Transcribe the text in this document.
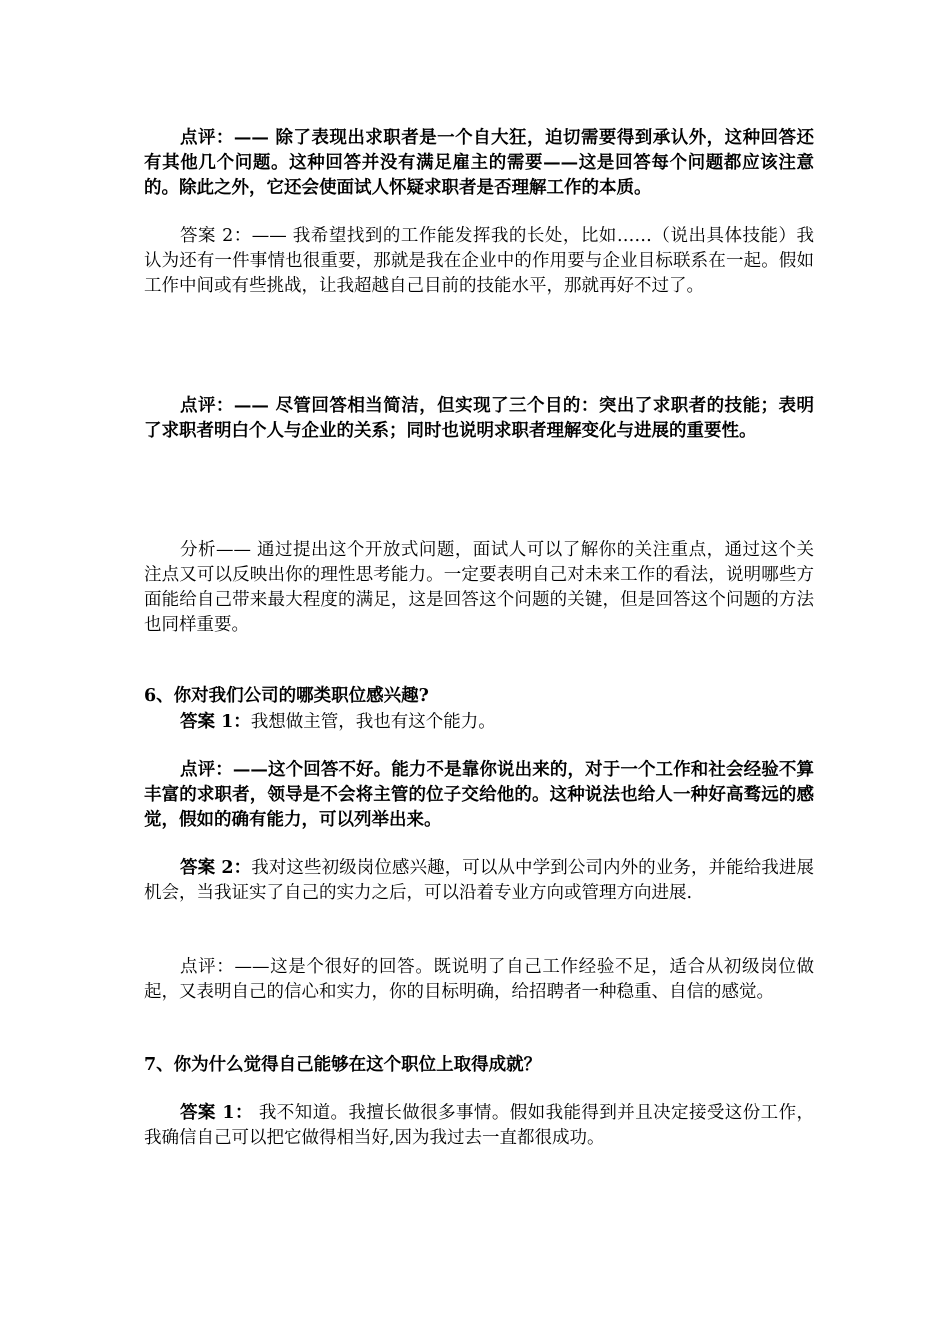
点评：—— 除了表现出求职者是一个自大狂，迫切需要得到承认外，这种回答还有其他几个问题。这种回答并没有满足雇主的需要——这是回答每个问题都应该注意的。除此之外，它还会使面试人怀疑求职者是否理解工作的本质。

答案 2：—— 我希望找到的工作能发挥我的长处，比如……（说出具体技能）我认为还有一件事情也很重要，那就是我在企业中的作用要与企业目标联系在一起。假如工作中间或有些挑战，让我超越自己目前的技能水平，那就再好不过了。

点评：—— 尽管回答相当简洁，但实现了三个目的：突出了求职者的技能；表明了求职者明白个人与企业的关系；同时也说明求职者理解变化与进展的重要性。

分析—— 通过提出这个开放式问题，面试人可以了解你的关注重点，通过这个关注点又可以反映出你的理性思考能力。一定要表明自己对未来工作的看法，说明哪些方面能给自己带来最大程度的满足，这是回答这个问题的关键，但是回答这个问题的方法也同样重要。

6、你对我们公司的哪类职位感兴趣?

答案 1：我想做主管，我也有这个能力。

点评：——这个回答不好。能力不是靠你说出来的，对于一个工作和社会经验不算丰富的求职者，领导是不会将主管的位子交给他的。这种说法也给人一种好高骛远的感觉，假如的确有能力，可以列举出来。

答案 2：我对这些初级岗位感兴趣，可以从中学到公司内外的业务，并能给我进展机会，当我证实了自己的实力之后，可以沿着专业方向或管理方向进展.

点评：——这是个很好的回答。既说明了自己工作经验不足，适合从初级岗位做起，又表明自己的信心和实力，你的目标明确，给招聘者一种稳重、自信的感觉。

7、你为什么觉得自己能够在这个职位上取得成就？

答案 1： 我不知道。我擅长做很多事情。假如我能得到并且决定接受这份工作，我确信自己可以把它做得相当好,因为我过去一直都很成功。
